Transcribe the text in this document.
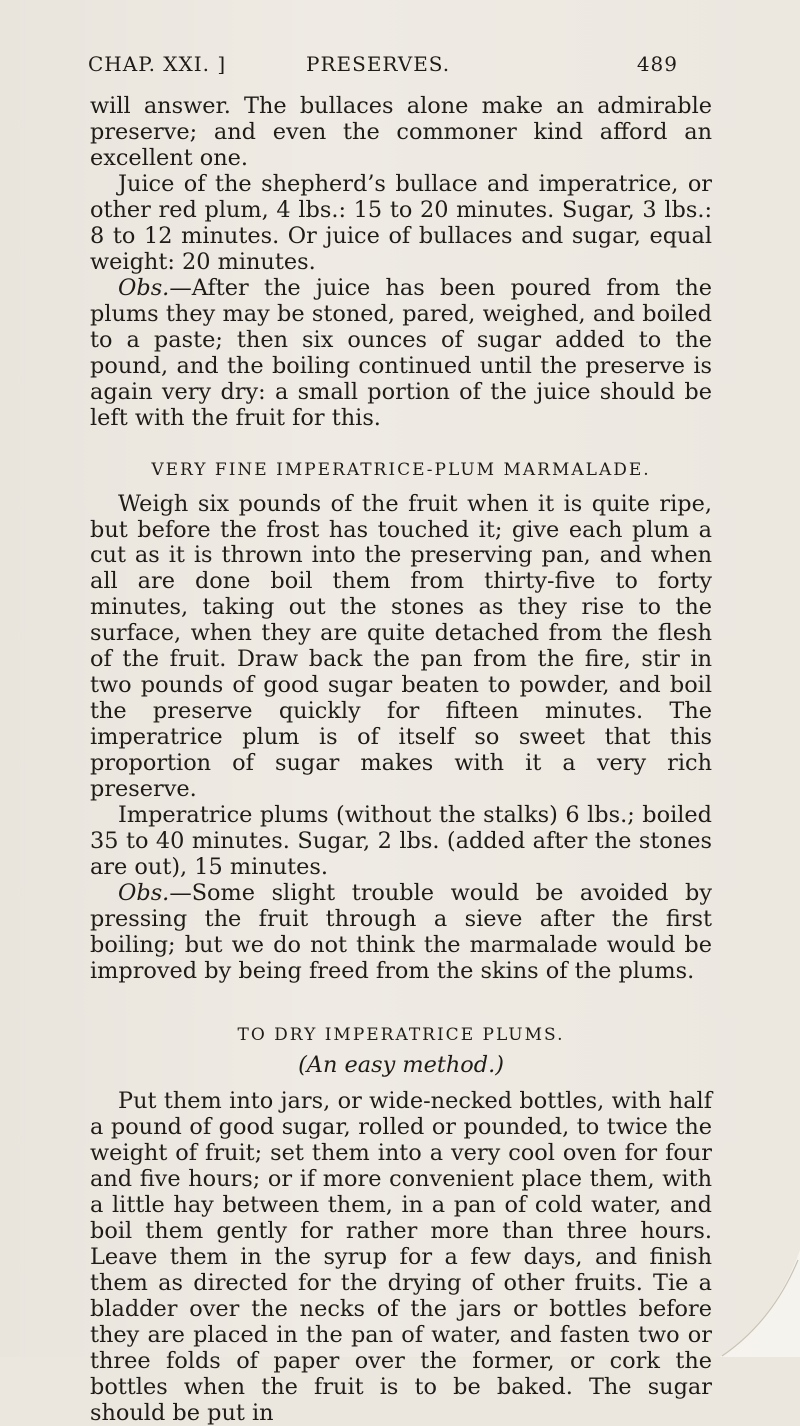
CHAP. XXI. ]	PRESERVES.	489

will answer. The bullaces alone make an admirable preserve; and even the commoner kind afford an excellent one.

Juice of the shepherd’s bullace and imperatrice, or other red plum, 4 lbs.: 15 to 20 minutes. Sugar, 3 lbs.: 8 to 12 minutes. Or juice of bullaces and sugar, equal weight: 20 minutes.

Obs.—After the juice has been poured from the plums they may be stoned, pared, weighed, and boiled to a paste; then six ounces of sugar added to the pound, and the boiling continued until the preserve is again very dry: a small portion of the juice should be left with the fruit for this.

VERY FINE IMPERATRICE-PLUM MARMALADE.

Weigh six pounds of the fruit when it is quite ripe, but before the frost has touched it; give each plum a cut as it is thrown into the preserving pan, and when all are done boil them from thirty-five to forty minutes, taking out the stones as they rise to the surface, when they are quite detached from the flesh of the fruit. Draw back the pan from the fire, stir in two pounds of good sugar beaten to powder, and boil the preserve quickly for fifteen minutes. The imperatrice plum is of itself so sweet that this proportion of sugar makes with it a very rich preserve.

Imperatrice plums (without the stalks) 6 lbs.; boiled 35 to 40 minutes. Sugar, 2 lbs. (added after the stones are out), 15 minutes.

Obs.—Some slight trouble would be avoided by pressing the fruit through a sieve after the first boiling; but we do not think the marmalade would be improved by being freed from the skins of the plums.

TO DRY IMPERATRICE PLUMS.
(An easy method.)

Put them into jars, or wide-necked bottles, with half a pound of good sugar, rolled or pounded, to twice the weight of fruit; set them into a very cool oven for four and five hours; or if more convenient place them, with a little hay between them, in a pan of cold water, and boil them gently for rather more than three hours. Leave them in the syrup for a few days, and finish them as directed for the drying of other fruits. Tie a bladder over the necks of the jars or bottles before they are placed in the pan of water, and fasten two or three folds of paper over the former, or cork the bottles when the fruit is to be baked. The sugar should be put in
